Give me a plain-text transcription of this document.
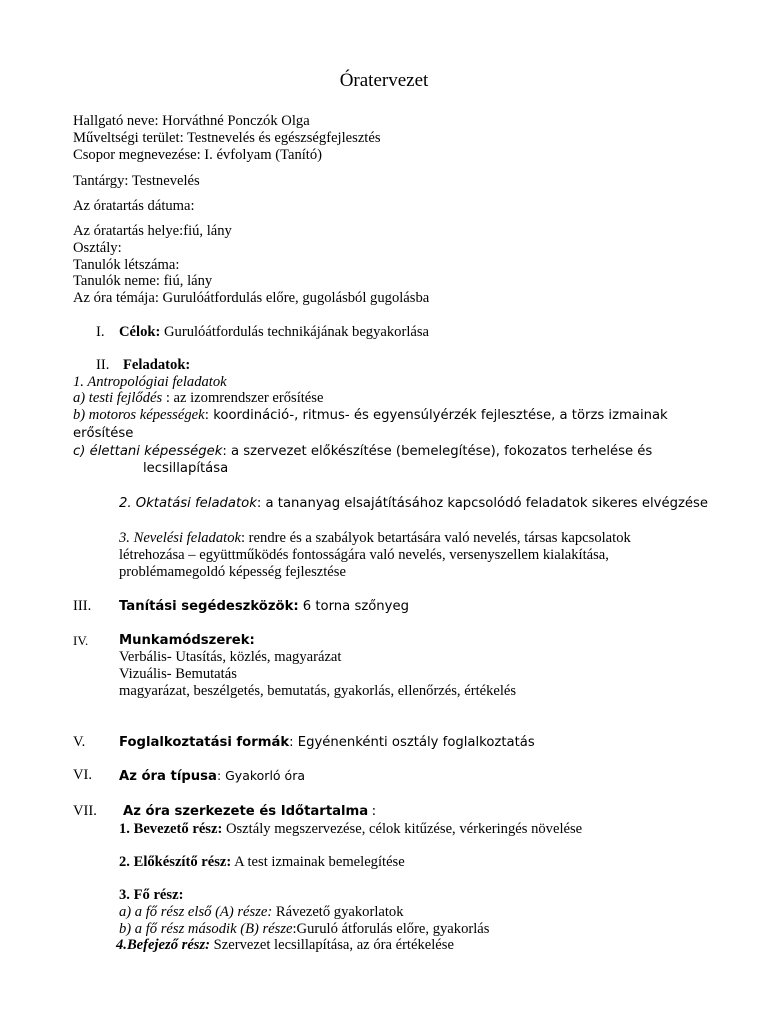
Óratervezet
Hallgató neve: Horváthné Ponczók Olga
Műveltségi terület: Testnevelés és egészségfejlesztés
Csopor megnevezése: I. évfolyam (Tanító)
Tantárgy: Testnevelés
Az óratartás dátuma:
Az óratartás helye:fiú, lány
Osztály:
Tanulók létszáma:
Tanulók neme: fiú, lány
Az óra témája: Gurulóátfordulás előre, gugolásból gugolásba
I. Célok: Gurulóátfordulás technikájának begyakorlása
II. Feladatok:
1. Antropológiai feladatok
a) testi fejlődés : az izomrendszer erősítése
b) motoros képességek: koordináció-, ritmus- és egyensúlyérzék fejlesztése, a törzs izmainak
erősítése
c) élettani képességek: a szervezet előkészítése (bemelegítése), fokozatos terhelése és
lecsillapítása
2. Oktatási feladatok: a tananyag elsajátításához kapcsolódó feladatok sikeres elvégzése
3. Nevelési feladatok: rendre és a szabályok betartására való nevelés, társas kapcsolatok
létrehozása – együttműködés fontosságára való nevelés, versenyszellem kialakítása,
problémamegoldó képesség fejlesztése
III. Tanítási segédeszközök: 6 torna szőnyeg
IV. Munkamódszerek:
Verbális- Utasítás, közlés, magyarázat
Vizuális- Bemutatás
magyarázat, beszélgetés, bemutatás, gyakorlás, ellenőrzés, értékelés
V.	Foglalkoztatási formák: Egyénenkénti osztály foglalkoztatás
VI. Az óra típusa: Gyakorló óra
VII. Az óra szerkezete és Időtartalma :
1. Bevezető rész: Osztály megszervezése, célok kitűzése, vérkeringés növelése
2. Előkészítő rész: A test izmainak bemelegítése
3. Fő rész:
a) a fő rész első (A) része: Rávezető gyakorlatok
b) a fő rész második (B) része:Guruló átforulás előre, gyakorlás
4.Befejező rész: Szervezet lecsillapítása, az óra értékelése
